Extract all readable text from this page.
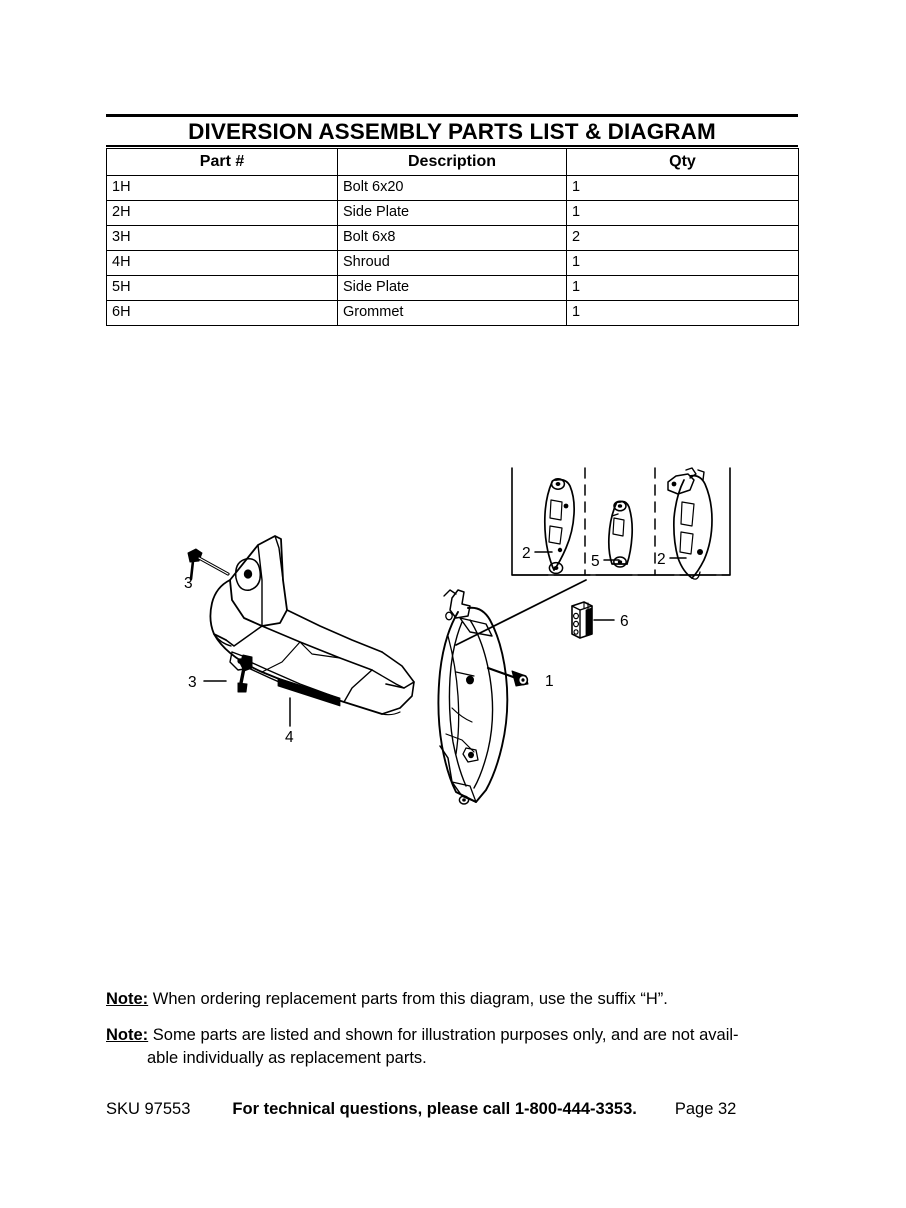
DIVERSION ASSEMBLY PARTS LIST & DIAGRAM
Part #	Description	Qty
1H	Bolt 6x20	1
2H	Side Plate	1
3H	Bolt 6x8	2
4H	Shroud	1
5H	Side Plate	1
6H	Grommet	1
3
3
4
2	5	2
1
6
Note: When ordering replacement parts from this diagram, use the suffix “H”.
Note: Some parts are listed and shown for illustration purposes only, and are not avail-
able individually as replacement parts.
SKU 97553	For technical questions, please call 1-800-444-3353. Page 32
